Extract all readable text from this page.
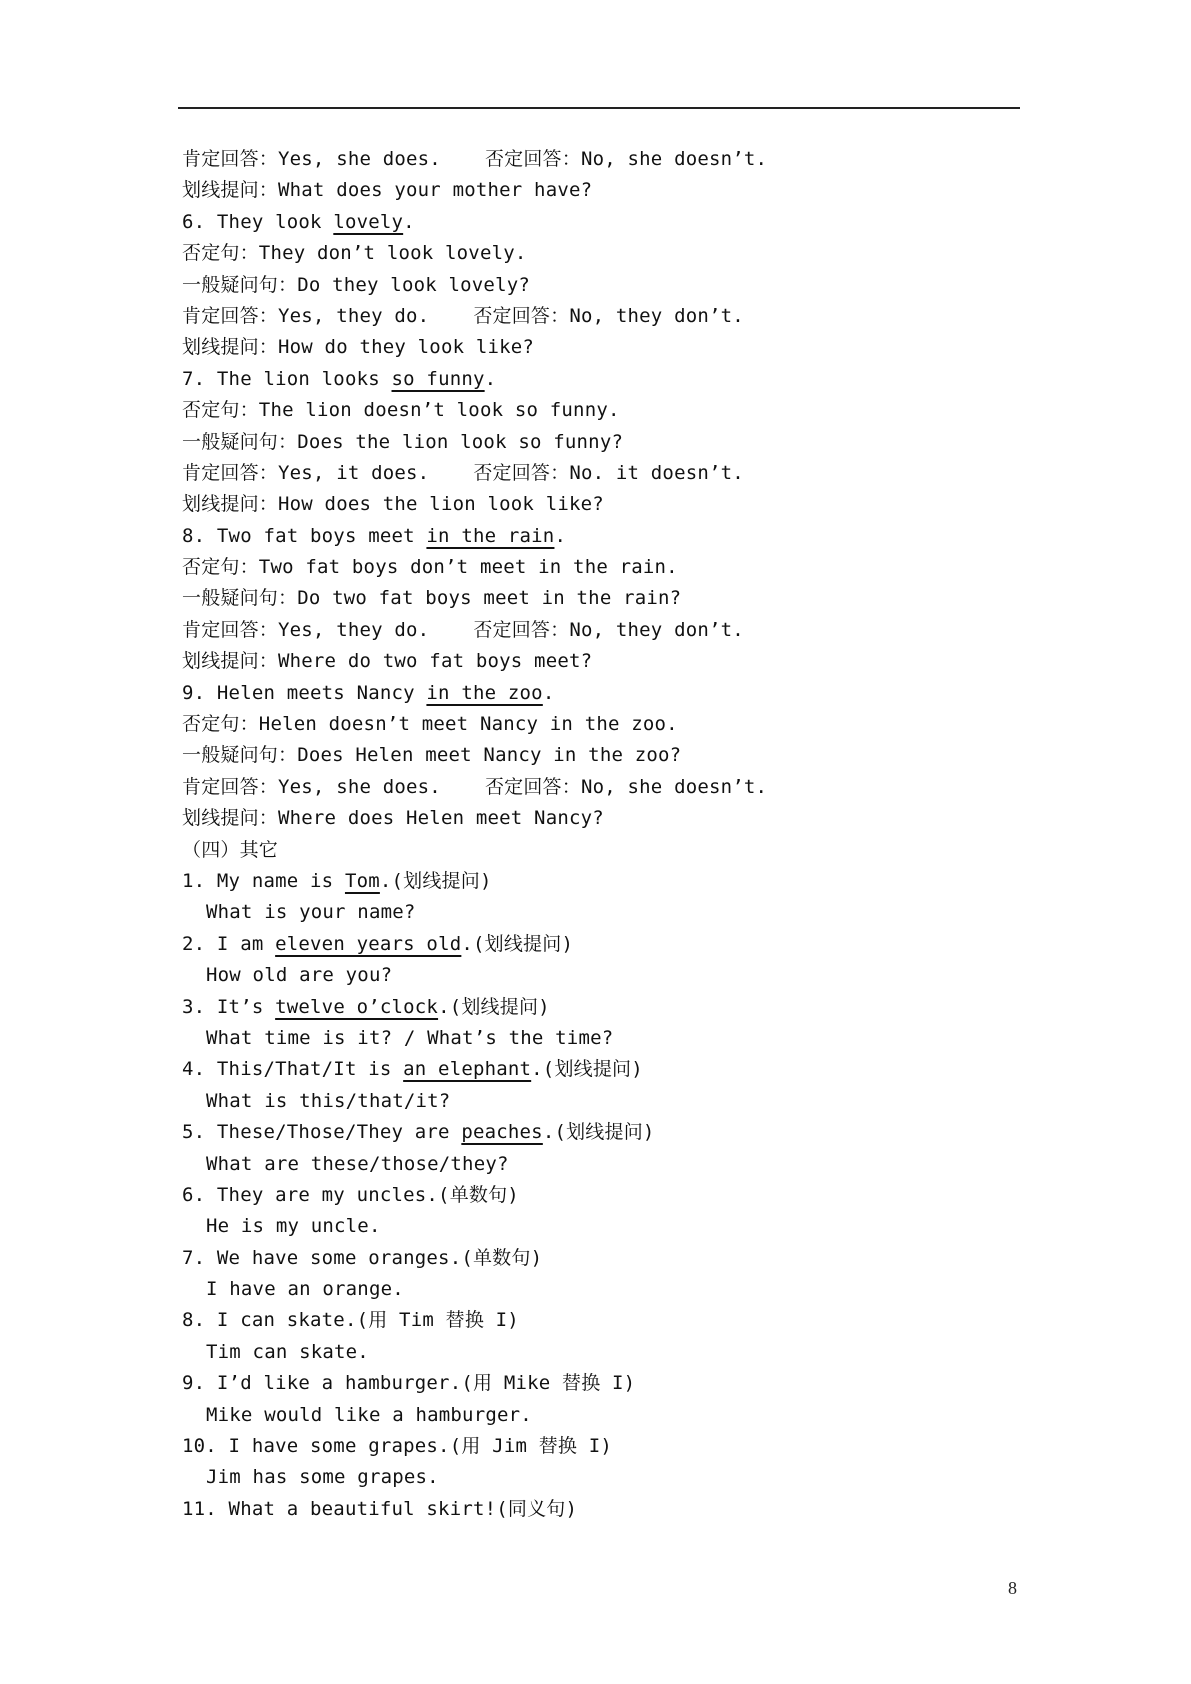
肯定回答：Yes, she does. 否定回答：No, she doesn’t.
划线提问：What does your mother have?
6. They look lovely.
否定句：They don’t look lovely.
一般疑问句：Do they look lovely?
肯定回答：Yes, they do. 否定回答：No, they don’t.
划线提问：How do they look like?
7. The lion looks so funny.
否定句：The lion doesn’t look so funny.
一般疑问句：Does the lion look so funny?
肯定回答：Yes, it does. 否定回答：No. it doesn’t.
划线提问：How does the lion look like?
8. Two fat boys meet in the rain.
否定句：Two fat boys don’t meet in the rain.
一般疑问句：Do two fat boys meet in the rain?
肯定回答：Yes, they do. 否定回答：No, they don’t.
划线提问：Where do two fat boys meet?
9. Helen meets Nancy in the zoo.
否定句：Helen doesn’t meet Nancy in the zoo.
一般疑问句：Does Helen meet Nancy in the zoo?
肯定回答：Yes, she does. 否定回答：No, she doesn’t.
划线提问：Where does Helen meet Nancy?
（四）其它
1. My name is Tom.(划线提问)
What is your name?
2. I am eleven years old.(划线提问)
How old are you?
3. It’s twelve o’clock.(划线提问)
What time is it? / What’s the time?
4. This/That/It is an elephant.(划线提问)
What is this/that/it?
5. These/Those/They are peaches.(划线提问)
What are these/those/they?
6. They are my uncles.(单数句)
He is my uncle.
7. We have some oranges.(单数句)
I have an orange.
8. I can skate.(用 Tim 替换 I)
Tim can skate.
9. I’d like a hamburger.(用 Mike 替换 I)
Mike would like a hamburger.
10. I have some grapes.(用 Jim 替换 I)
Jim has some grapes.
11. What a beautiful skirt!(同义句)
8
